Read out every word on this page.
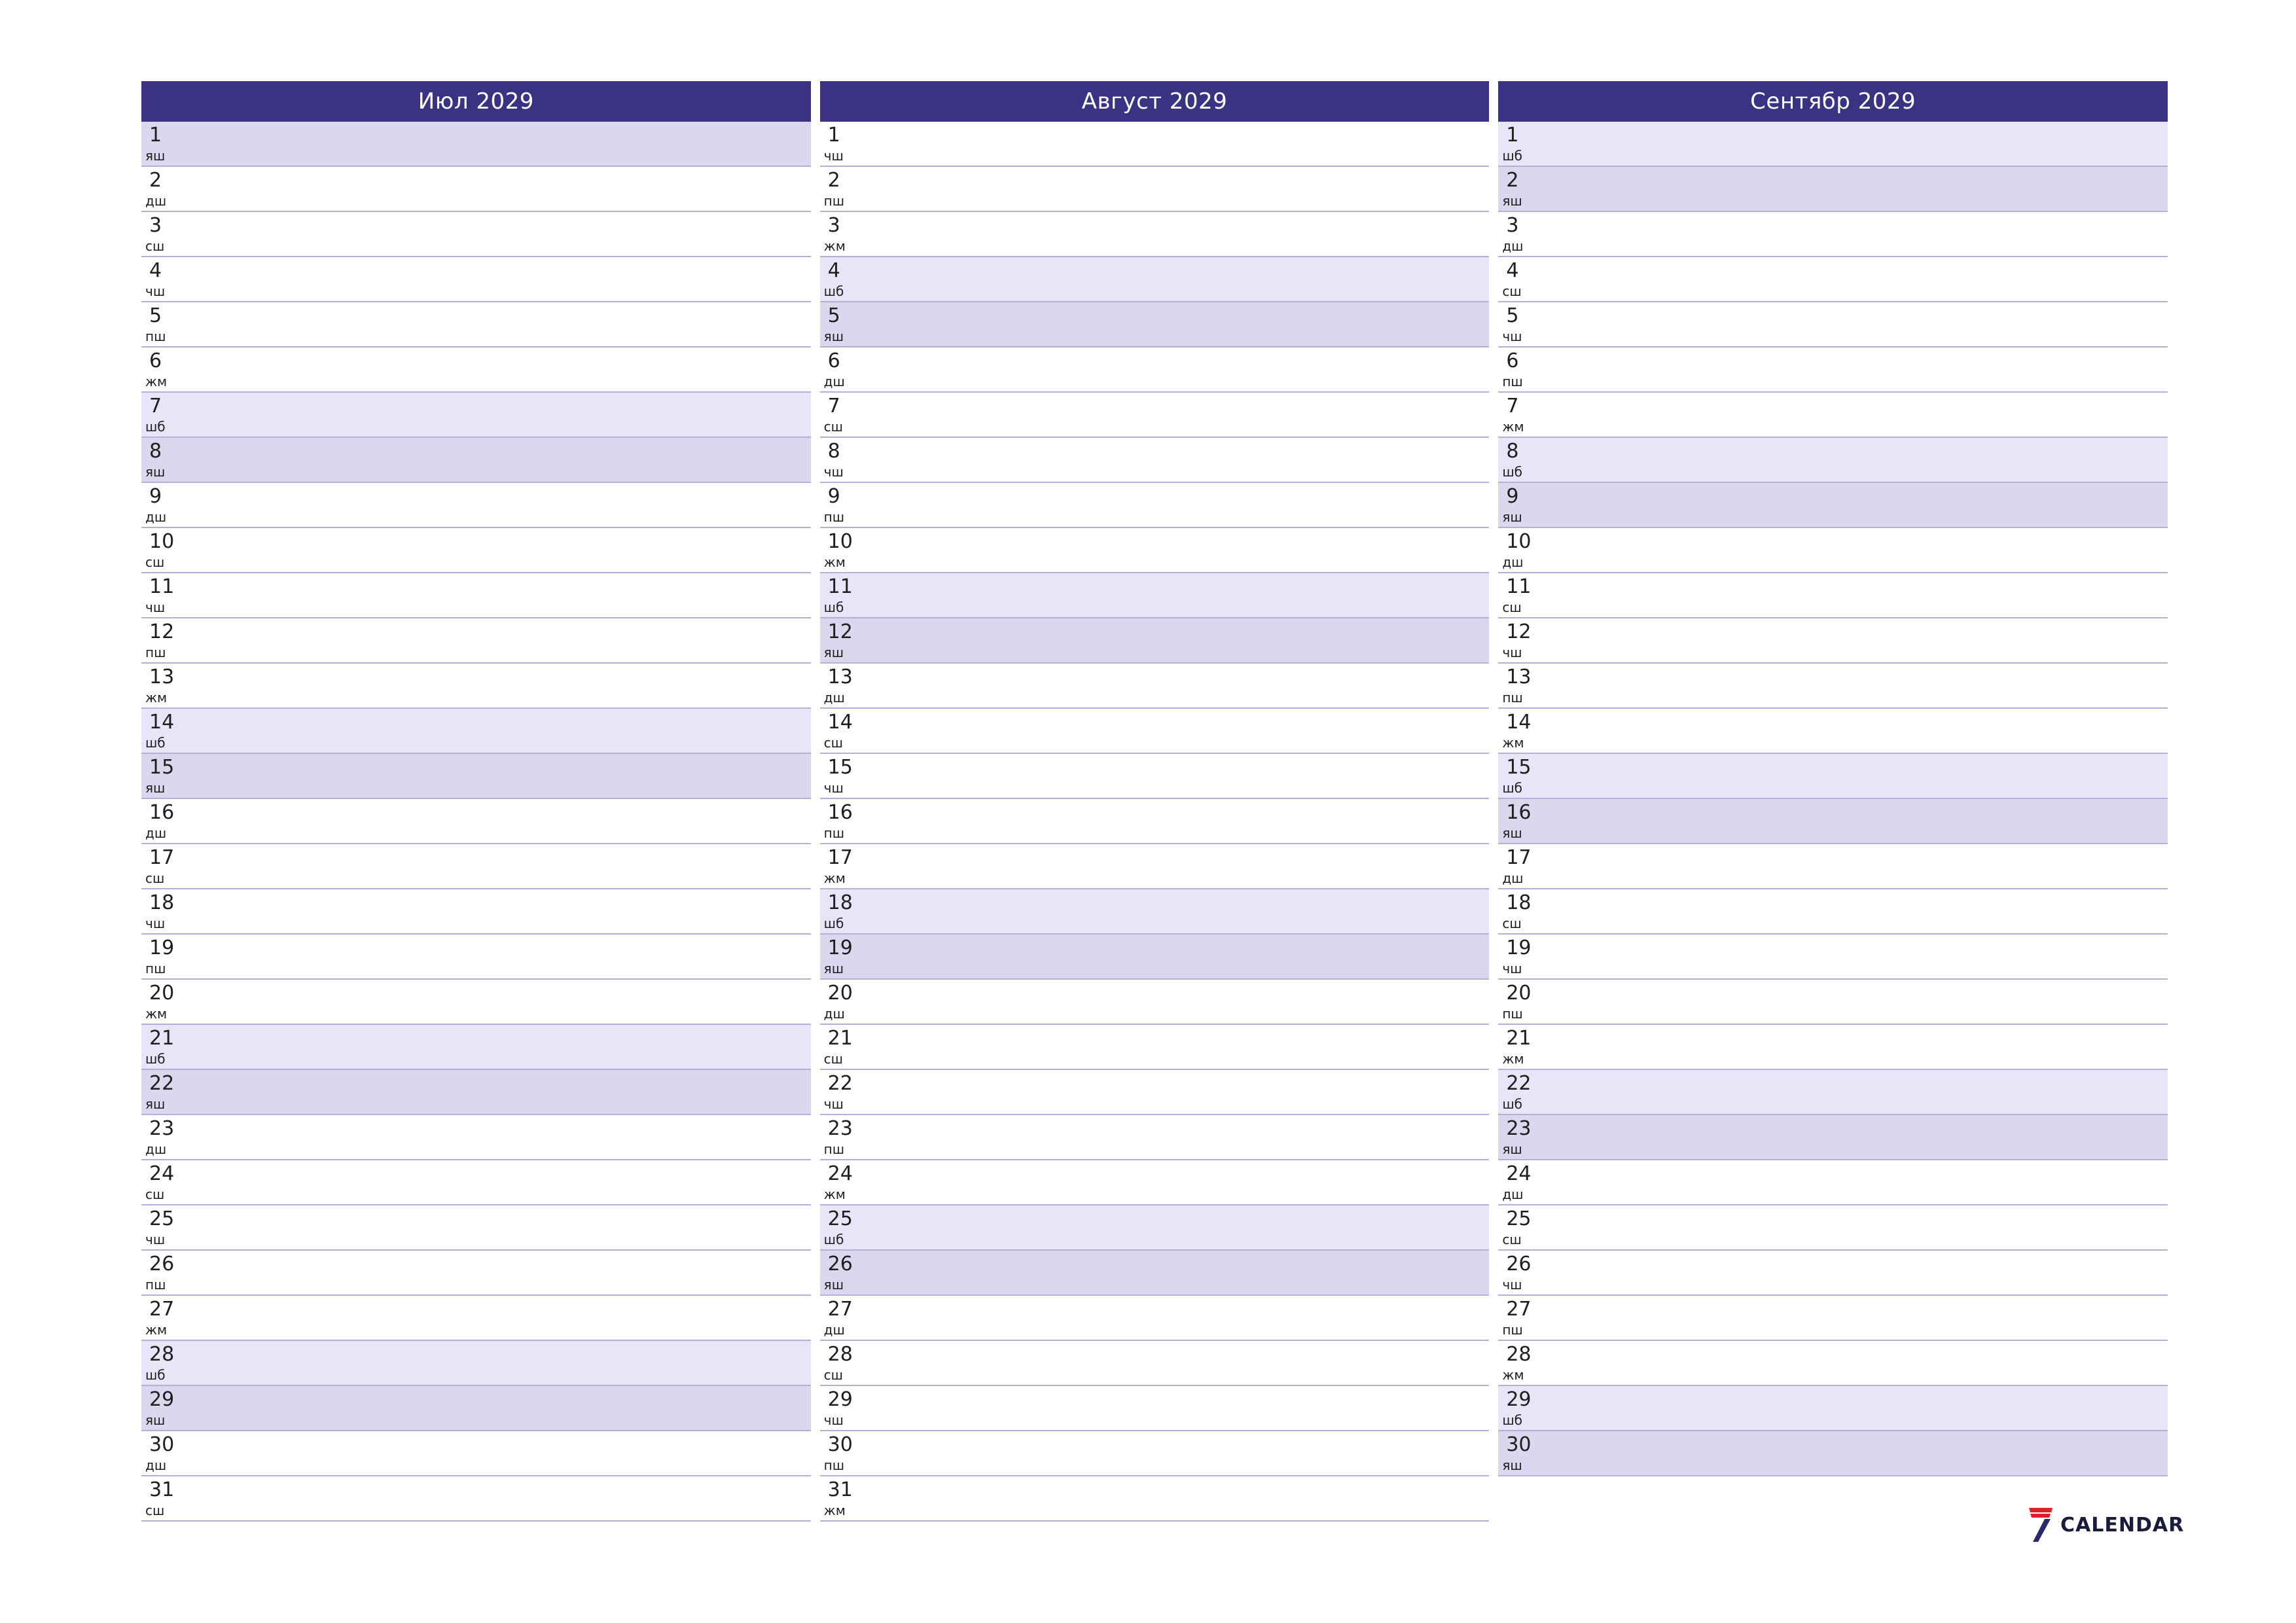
Июл 2029
1
яш
2
дш
3
сш
4
чш
5
пш
6
жм
7
шб
8
яш
9
дш
10
сш
11
чш
12
пш
13
жм
14
шб
15
яш
16
дш
17
сш
18
чш
19
пш
20
жм
21
шб
22
яш
23
дш
24
сш
25
чш
26
пш
27
жм
28
шб
29
яш
30
дш
31
сш
Август 2029
1
чш
2
пш
3
жм
4
шб
5
яш
6
дш
7
сш
8
чш
9
пш
10
жм
11
шб
12
яш
13
дш
14
сш
15
чш
16
пш
17
жм
18
шб
19
яш
20
дш
21
сш
22
чш
23
пш
24
жм
25
шб
26
яш
27
дш
28
сш
29
чш
30
пш
31
жм
Сентябр 2029
1
шб
2
яш
3
дш
4
сш
5
чш
6
пш
7
жм
8
шб
9
яш
10
дш
11
сш
12
чш
13
пш
14
жм
15
шб
16
яш
17
дш
18
сш
19
чш
20
пш
21
жм
22
шб
23
яш
24
дш
25
сш
26
чш
27
пш
28
жм
29
шб
30
яш
CALENDAR
